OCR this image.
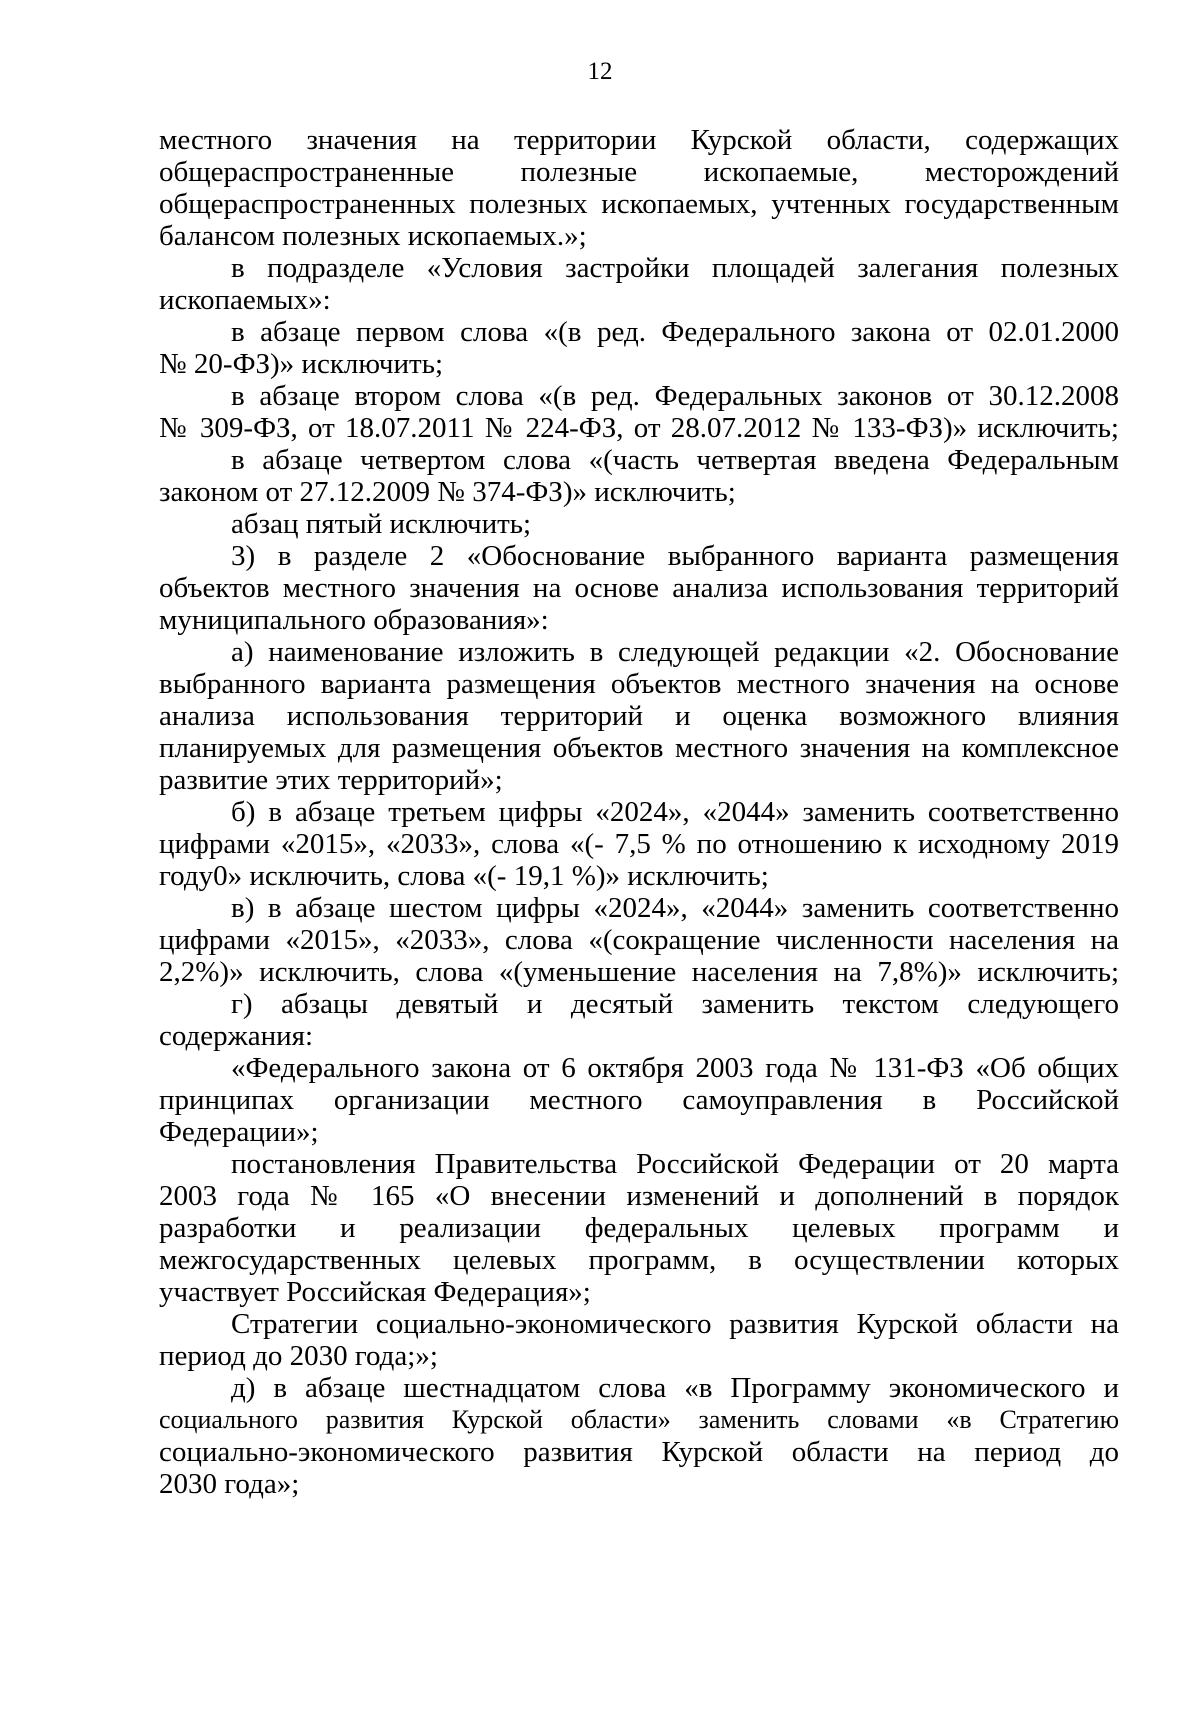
12
местного значения на территории Курской области, содержащих
общераспространенные полезные ископаемые, месторождений
общераспространенных полезных ископаемых, учтенных государственным
балансом полезных ископаемых.»;
в подразделе «Условия застройки площадей залегания полезных
ископаемых»:
в абзаце первом слова «(в ред. Федерального закона от 02.01.2000
№ 20-ФЗ)» исключить;
в абзаце втором слова «(в ред. Федеральных законов от 30.12.2008
№ 309-ФЗ, от 18.07.2011 № 224-ФЗ, от 28.07.2012 № 133-ФЗ)» исключить;
в абзаце четвертом слова «(часть четвертая введена Федеральным
законом от 27.12.2009 № 374-ФЗ)» исключить;
абзац пятый исключить;
3) в разделе 2 «Обоснование выбранного варианта размещения
объектов местного значения на основе анализа использования территорий
муниципального образования»:
а) наименование изложить в следующей редакции «2. Обоснование
выбранного варианта размещения объектов местного значения на основе
анализа использования территорий и оценка возможного влияния
планируемых для размещения объектов местного значения на комплексное
развитие этих территорий»;
б) в абзаце третьем цифры «2024», «2044» заменить соответственно
цифрами «2015», «2033», слова «(- 7,5 % по отношению к исходному 2019
году0» исключить, слова «(- 19,1 %)» исключить;
в) в абзаце шестом цифры «2024», «2044» заменить соответственно
цифрами «2015», «2033», слова «(сокращение численности населения на
2,2%)» исключить, слова «(уменьшение населения на 7,8%)» исключить;
г) абзацы девятый и десятый заменить текстом следующего
содержания:
«Федерального закона от 6 октября 2003 года № 131-ФЗ «Об общих
принципах организации местного самоуправления в Российской
Федерации»;
постановления Правительства Российской Федерации от 20 марта
2003 года № 165 «О внесении изменений и дополнений в порядок
разработки и реализации федеральных целевых программ и
межгосударственных целевых программ, в осуществлении которых
участвует Российская Федерация»;
Стратегии социально-экономического развития Курской области на
период до 2030 года;»;
д) в абзаце шестнадцатом слова «в Программу экономического и
социального развития Курской области» заменить словами «в Стратегию
социально-экономического развития Курской области на период до
2030 года»;
